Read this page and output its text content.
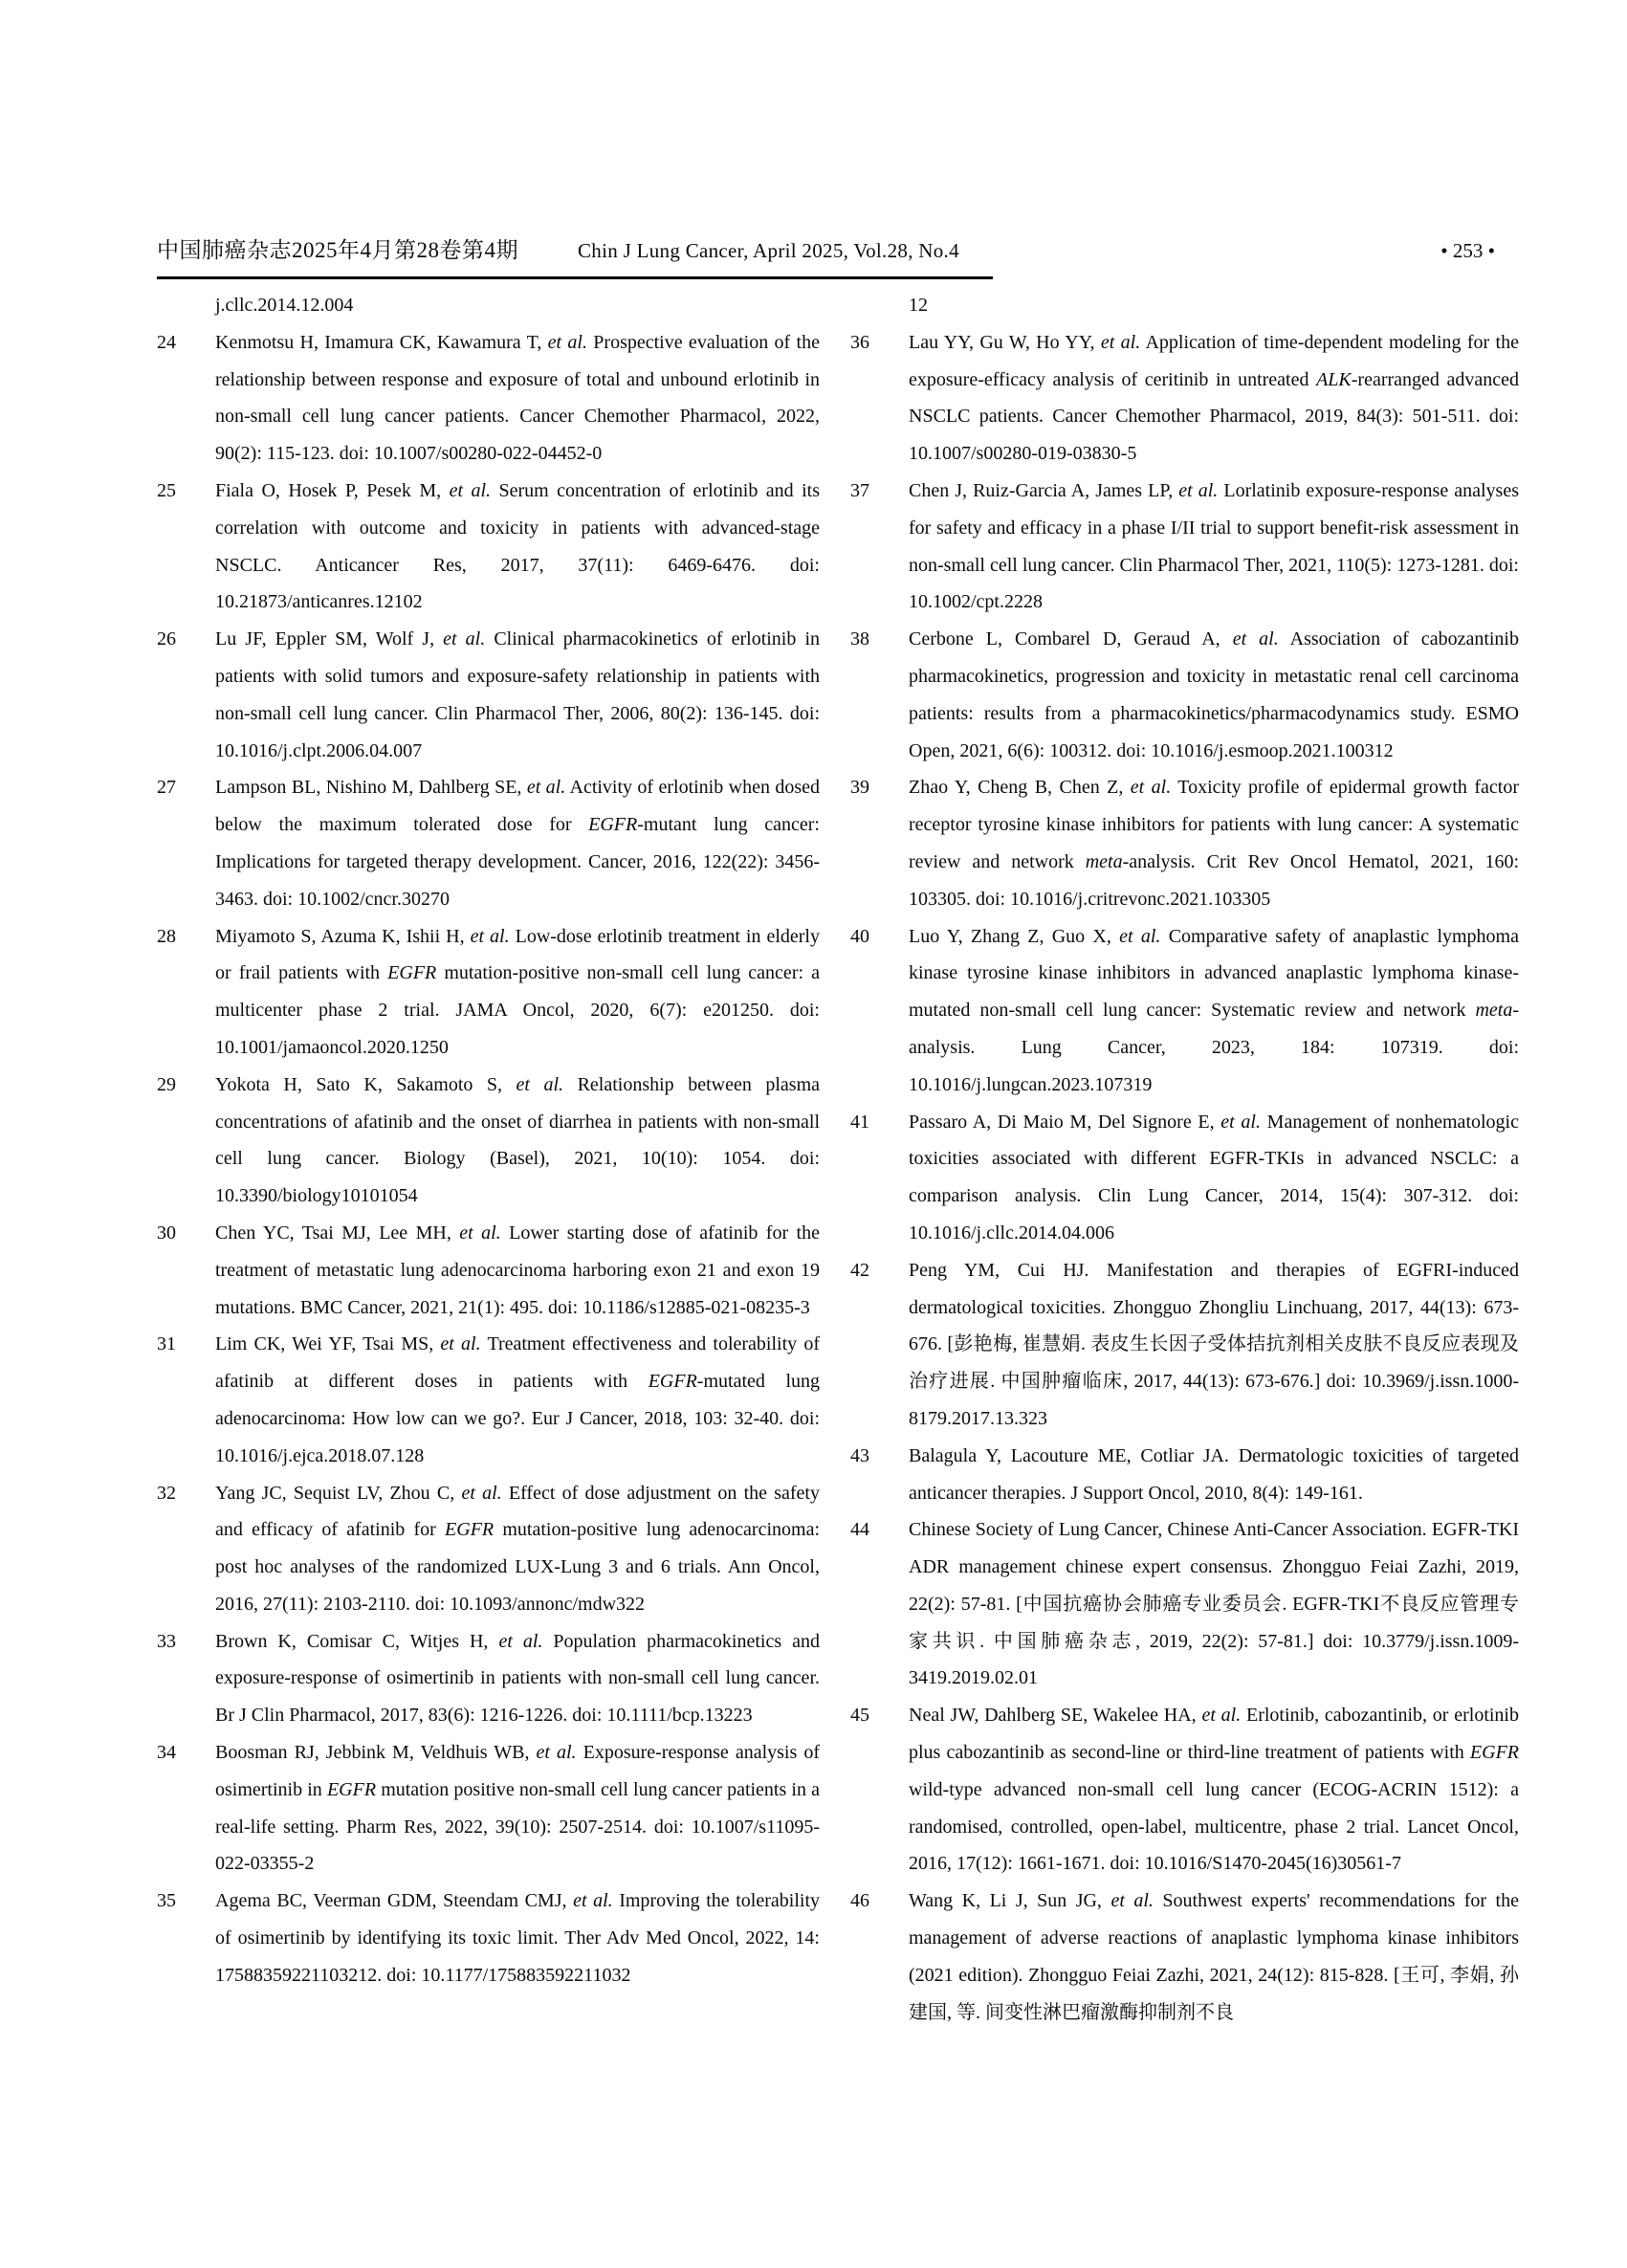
中国肺癌杂志2025年4月第28卷第4期	Chin J Lung Cancer, April 2025, Vol.28, No.4	• 253 •
j.cllc.2014.12.004
24	Kenmotsu H, Imamura CK, Kawamura T, et al. Prospective evaluation of the relationship between response and exposure of total and unbound erlotinib in non-small cell lung cancer patients. Cancer Chemother Pharmacol, 2022, 90(2): 115-123. doi: 10.1007/s00280-022-04452-0
25	Fiala O, Hosek P, Pesek M, et al. Serum concentration of erlotinib and its correlation with outcome and toxicity in patients with advanced-stage NSCLC. Anticancer Res, 2017, 37(11): 6469-6476. doi: 10.21873/anticanres.12102
26	Lu JF, Eppler SM, Wolf J, et al. Clinical pharmacokinetics of erlotinib in patients with solid tumors and exposure-safety relationship in patients with non-small cell lung cancer. Clin Pharmacol Ther, 2006, 80(2): 136-145. doi: 10.1016/j.clpt.2006.04.007
27	Lampson BL, Nishino M, Dahlberg SE, et al. Activity of erlotinib when dosed below the maximum tolerated dose for EGFR-mutant lung cancer: Implications for targeted therapy development. Cancer, 2016, 122(22): 3456-3463. doi: 10.1002/cncr.30270
28	Miyamoto S, Azuma K, Ishii H, et al. Low-dose erlotinib treatment in elderly or frail patients with EGFR mutation-positive non-small cell lung cancer: a multicenter phase 2 trial. JAMA Oncol, 2020, 6(7): e201250. doi: 10.1001/jamaoncol.2020.1250
29	Yokota H, Sato K, Sakamoto S, et al. Relationship between plasma concentrations of afatinib and the onset of diarrhea in patients with non-small cell lung cancer. Biology (Basel), 2021, 10(10): 1054. doi: 10.3390/biology10101054
30	Chen YC, Tsai MJ, Lee MH, et al. Lower starting dose of afatinib for the treatment of metastatic lung adenocarcinoma harboring exon 21 and exon 19 mutations. BMC Cancer, 2021, 21(1): 495. doi: 10.1186/s12885-021-08235-3
31	Lim CK, Wei YF, Tsai MS, et al. Treatment effectiveness and tolerability of afatinib at different doses in patients with EGFR-mutated lung adenocarcinoma: How low can we go?. Eur J Cancer, 2018, 103: 32-40. doi: 10.1016/j.ejca.2018.07.128
32	Yang JC, Sequist LV, Zhou C, et al. Effect of dose adjustment on the safety and efficacy of afatinib for EGFR mutation-positive lung adenocarcinoma: post hoc analyses of the randomized LUX-Lung 3 and 6 trials. Ann Oncol, 2016, 27(11): 2103-2110. doi: 10.1093/annonc/mdw322
33	Brown K, Comisar C, Witjes H, et al. Population pharmacokinetics and exposure-response of osimertinib in patients with non-small cell lung cancer. Br J Clin Pharmacol, 2017, 83(6): 1216-1226. doi: 10.1111/bcp.13223
34	Boosman RJ, Jebbink M, Veldhuis WB, et al. Exposure-response analysis of osimertinib in EGFR mutation positive non-small cell lung cancer patients in a real-life setting. Pharm Res, 2022, 39(10): 2507-2514. doi: 10.1007/s11095-022-03355-2
35	Agema BC, Veerman GDM, Steendam CMJ, et al. Improving the tolerability of osimertinib by identifying its toxic limit. Ther Adv Med Oncol, 2022, 14: 17588359221103212. doi: 10.1177/175883592211032
12
36	Lau YY, Gu W, Ho YY, et al. Application of time-dependent modeling for the exposure-efficacy analysis of ceritinib in untreated ALK-rearranged advanced NSCLC patients. Cancer Chemother Pharmacol, 2019, 84(3): 501-511. doi: 10.1007/s00280-019-03830-5
37	Chen J, Ruiz-Garcia A, James LP, et al. Lorlatinib exposure-response analyses for safety and efficacy in a phase I/II trial to support benefit-risk assessment in non-small cell lung cancer. Clin Pharmacol Ther, 2021, 110(5): 1273-1281. doi: 10.1002/cpt.2228
38	Cerbone L, Combarel D, Geraud A, et al. Association of cabozantinib pharmacokinetics, progression and toxicity in metastatic renal cell carcinoma patients: results from a pharmacokinetics/pharmacodynamics study. ESMO Open, 2021, 6(6): 100312. doi: 10.1016/j.esmoop.2021.100312
39	Zhao Y, Cheng B, Chen Z, et al. Toxicity profile of epidermal growth factor receptor tyrosine kinase inhibitors for patients with lung cancer: A systematic review and network meta-analysis. Crit Rev Oncol Hematol, 2021, 160: 103305. doi: 10.1016/j.critrevonc.2021.103305
40	Luo Y, Zhang Z, Guo X, et al. Comparative safety of anaplastic lymphoma kinase tyrosine kinase inhibitors in advanced anaplastic lymphoma kinase-mutated non-small cell lung cancer: Systematic review and network meta-analysis. Lung Cancer, 2023, 184: 107319. doi: 10.1016/j.lungcan.2023.107319
41	Passaro A, Di Maio M, Del Signore E, et al. Management of nonhematologic toxicities associated with different EGFR-TKIs in advanced NSCLC: a comparison analysis. Clin Lung Cancer, 2014, 15(4): 307-312. doi: 10.1016/j.cllc.2014.04.006
42	Peng YM, Cui HJ. Manifestation and therapies of EGFRI-induced dermatological toxicities. Zhongguo Zhongliu Linchuang, 2017, 44(13): 673-676. [彭艳梅, 崔慧娟. 表皮生长因子受体拮抗剂相关皮肤不良反应表现及治疗进展. 中国肿瘤临床, 2017, 44(13): 673-676.] doi: 10.3969/j.issn.1000-8179.2017.13.323
43	Balagula Y, Lacouture ME, Cotliar JA. Dermatologic toxicities of targeted anticancer therapies. J Support Oncol, 2010, 8(4): 149-161.
44	Chinese Society of Lung Cancer, Chinese Anti-Cancer Association. EGFR-TKI ADR management chinese expert consensus. Zhongguo Feiai Zazhi, 2019, 22(2): 57-81. [中国抗癌协会肺癌专业委员会. EGFR-TKI不良反应管理专家共识. 中国肺癌杂志, 2019, 22(2): 57-81.] doi: 10.3779/j.issn.1009-3419.2019.02.01
45	Neal JW, Dahlberg SE, Wakelee HA, et al. Erlotinib, cabozantinib, or erlotinib plus cabozantinib as second-line or third-line treatment of patients with EGFR wild-type advanced non-small cell lung cancer (ECOG-ACRIN 1512): a randomised, controlled, open-label, multicentre, phase 2 trial. Lancet Oncol, 2016, 17(12): 1661-1671. doi: 10.1016/S1470-2045(16)30561-7
46	Wang K, Li J, Sun JG, et al. Southwest experts' recommendations for the management of adverse reactions of anaplastic lymphoma kinase inhibitors (2021 edition). Zhongguo Feiai Zazhi, 2021, 24(12): 815-828. [王可, 李娟, 孙建国, 等. 间变性淋巴瘤激酶抑制剂不良
